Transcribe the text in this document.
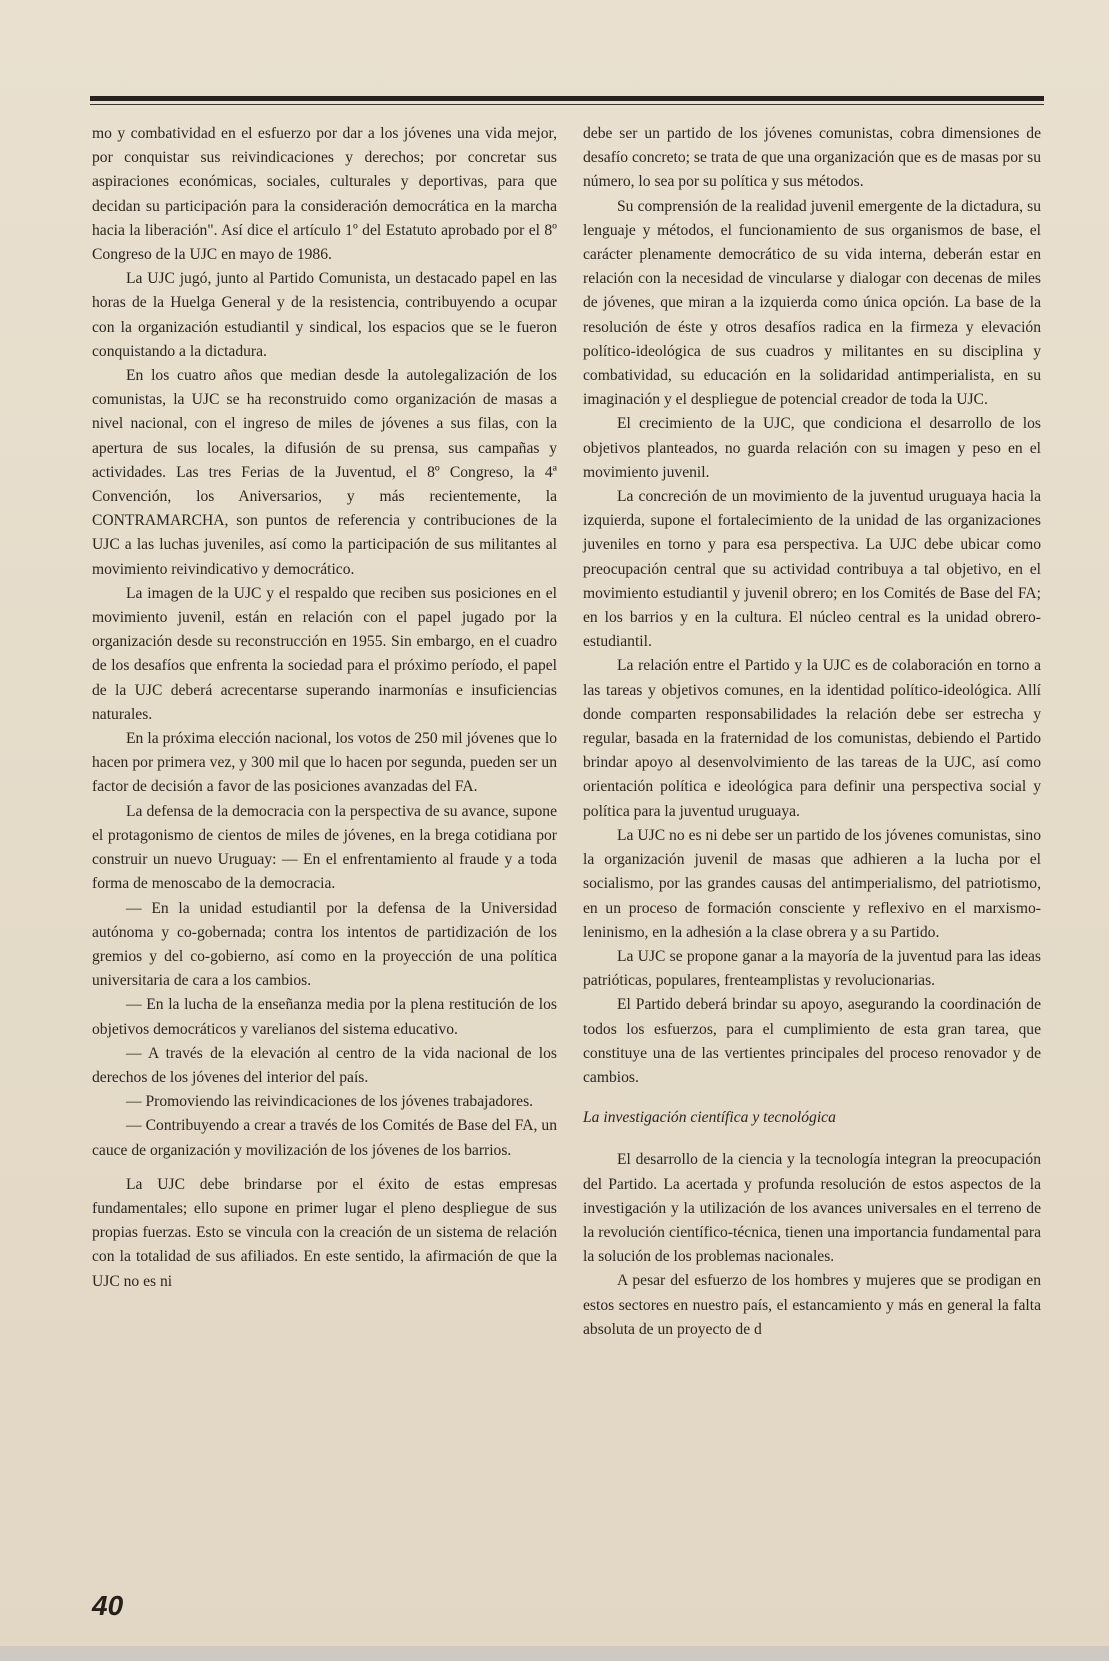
mo y combatividad en el esfuerzo por dar a los jóvenes una vida mejor, por conquistar sus reivindicaciones y derechos; por concretar sus aspiraciones económicas, sociales, culturales y deportivas, para que decidan su participación para la consideración democrática en la marcha hacia la liberación". Así dice el artículo 1º del Estatuto aprobado por el 8º Congreso de la UJC en mayo de 1986.

La UJC jugó, junto al Partido Comunista, un destacado papel en las horas de la Huelga General y de la resistencia, contribuyendo a ocupar con la organización estudiantil y sindical, los espacios que se le fueron conquistando a la dictadura.

En los cuatro años que median desde la autolegalización de los comunistas, la UJC se ha reconstruido como organización de masas a nivel nacional, con el ingreso de miles de jóvenes a sus filas, con la apertura de sus locales, la difusión de su prensa, sus campañas y actividades. Las tres Ferias de la Juventud, el 8º Congreso, la 4ª Convención, los Aniversarios, y más recientemente, la CONTRAMARCHA, son puntos de referencia y contribuciones de la UJC a las luchas juveniles, así como la participación de sus militantes al movimiento reivindicativo y democrático.

La imagen de la UJC y el respaldo que reciben sus posiciones en el movimiento juvenil, están en relación con el papel jugado por la organización desde su reconstrucción en 1955. Sin embargo, en el cuadro de los desafíos que enfrenta la sociedad para el próximo período, el papel de la UJC deberá acrecentarse superando inarmonías e insuficiencias naturales.

En la próxima elección nacional, los votos de 250 mil jóvenes que lo hacen por primera vez, y 300 mil que lo hacen por segunda, pueden ser un factor de decisión a favor de las posiciones avanzadas del FA.

La defensa de la democracia con la perspectiva de su avance, supone el protagonismo de cientos de miles de jóvenes, en la brega cotidiana por construir un nuevo Uruguay: — En el enfrentamiento al fraude y a toda forma de menoscabo de la democracia.

— En la unidad estudiantil por la defensa de la Universidad autónoma y co-gobernada; contra los intentos de partidización de los gremios y del co-gobierno, así como en la proyección de una política universitaria de cara a los cambios.

— En la lucha de la enseñanza media por la plena restitución de los objetivos democráticos y varelianos del sistema educativo.

— A través de la elevación al centro de la vida nacional de los derechos de los jóvenes del interior del país.

— Promoviendo las reivindicaciones de los jóvenes trabajadores.

— Contribuyendo a crear a través de los Comités de Base del FA, un cauce de organización y movilización de los jóvenes de los barrios.

La UJC debe brindarse por el éxito de estas empresas fundamentales; ello supone en primer lugar el pleno despliegue de sus propias fuerzas. Esto se vincula con la creación de un sistema de relación con la totalidad de sus afiliados. En este sentido, la afirmación de que la UJC no es ni

debe ser un partido de los jóvenes comunistas, cobra dimensiones de desafío concreto; se trata de que una organización que es de masas por su número, lo sea por su política y sus métodos.

Su comprensión de la realidad juvenil emergente de la dictadura, su lenguaje y métodos, el funcionamiento de sus organismos de base, el carácter plenamente democrático de su vida interna, deberán estar en relación con la necesidad de vincularse y dialogar con decenas de miles de jóvenes, que miran a la izquierda como única opción. La base de la resolución de éste y otros desafíos radica en la firmeza y elevación político-ideológica de sus cuadros y militantes en su disciplina y combatividad, su educación en la solidaridad antimperialista, en su imaginación y el despliegue de potencial creador de toda la UJC.

El crecimiento de la UJC, que condiciona el desarrollo de los objetivos planteados, no guarda relación con su imagen y peso en el movimiento juvenil.

La concreción de un movimiento de la juventud uruguaya hacia la izquierda, supone el fortalecimiento de la unidad de las organizaciones juveniles en torno y para esa perspectiva. La UJC debe ubicar como preocupación central que su actividad contribuya a tal objetivo, en el movimiento estudiantil y juvenil obrero; en los Comités de Base del FA; en los barrios y en la cultura. El núcleo central es la unidad obrero-estudiantil.

La relación entre el Partido y la UJC es de colaboración en torno a las tareas y objetivos comunes, en la identidad político-ideológica. Allí donde comparten responsabilidades la relación debe ser estrecha y regular, basada en la fraternidad de los comunistas, debiendo el Partido brindar apoyo al desenvolvimiento de las tareas de la UJC, así como orientación política e ideológica para definir una perspectiva social y política para la juventud uruguaya.

La UJC no es ni debe ser un partido de los jóvenes comunistas, sino la organización juvenil de masas que adhieren a la lucha por el socialismo, por las grandes causas del antimperialismo, del patriotismo, en un proceso de formación consciente y reflexivo en el marxismo-leninismo, en la adhesión a la clase obrera y a su Partido.

La UJC se propone ganar a la mayoría de la juventud para las ideas patrióticas, populares, frenteamplistas y revolucionarias.

El Partido deberá brindar su apoyo, asegurando la coordinación de todos los esfuerzos, para el cumplimiento de esta gran tarea, que constituye una de las vertientes principales del proceso renovador y de cambios.

La investigación científica y tecnológica

El desarrollo de la ciencia y la tecnología integran la preocupación del Partido. La acertada y profunda resolución de estos aspectos de la investigación y la utilización de los avances universales en el terreno de la revolución científico-técnica, tienen una importancia fundamental para la solución de los problemas nacionales.

A pesar del esfuerzo de los hombres y mujeres que se prodigan en estos sectores en nuestro país, el estancamiento y más en general la falta absoluta de un proyecto de d

40
